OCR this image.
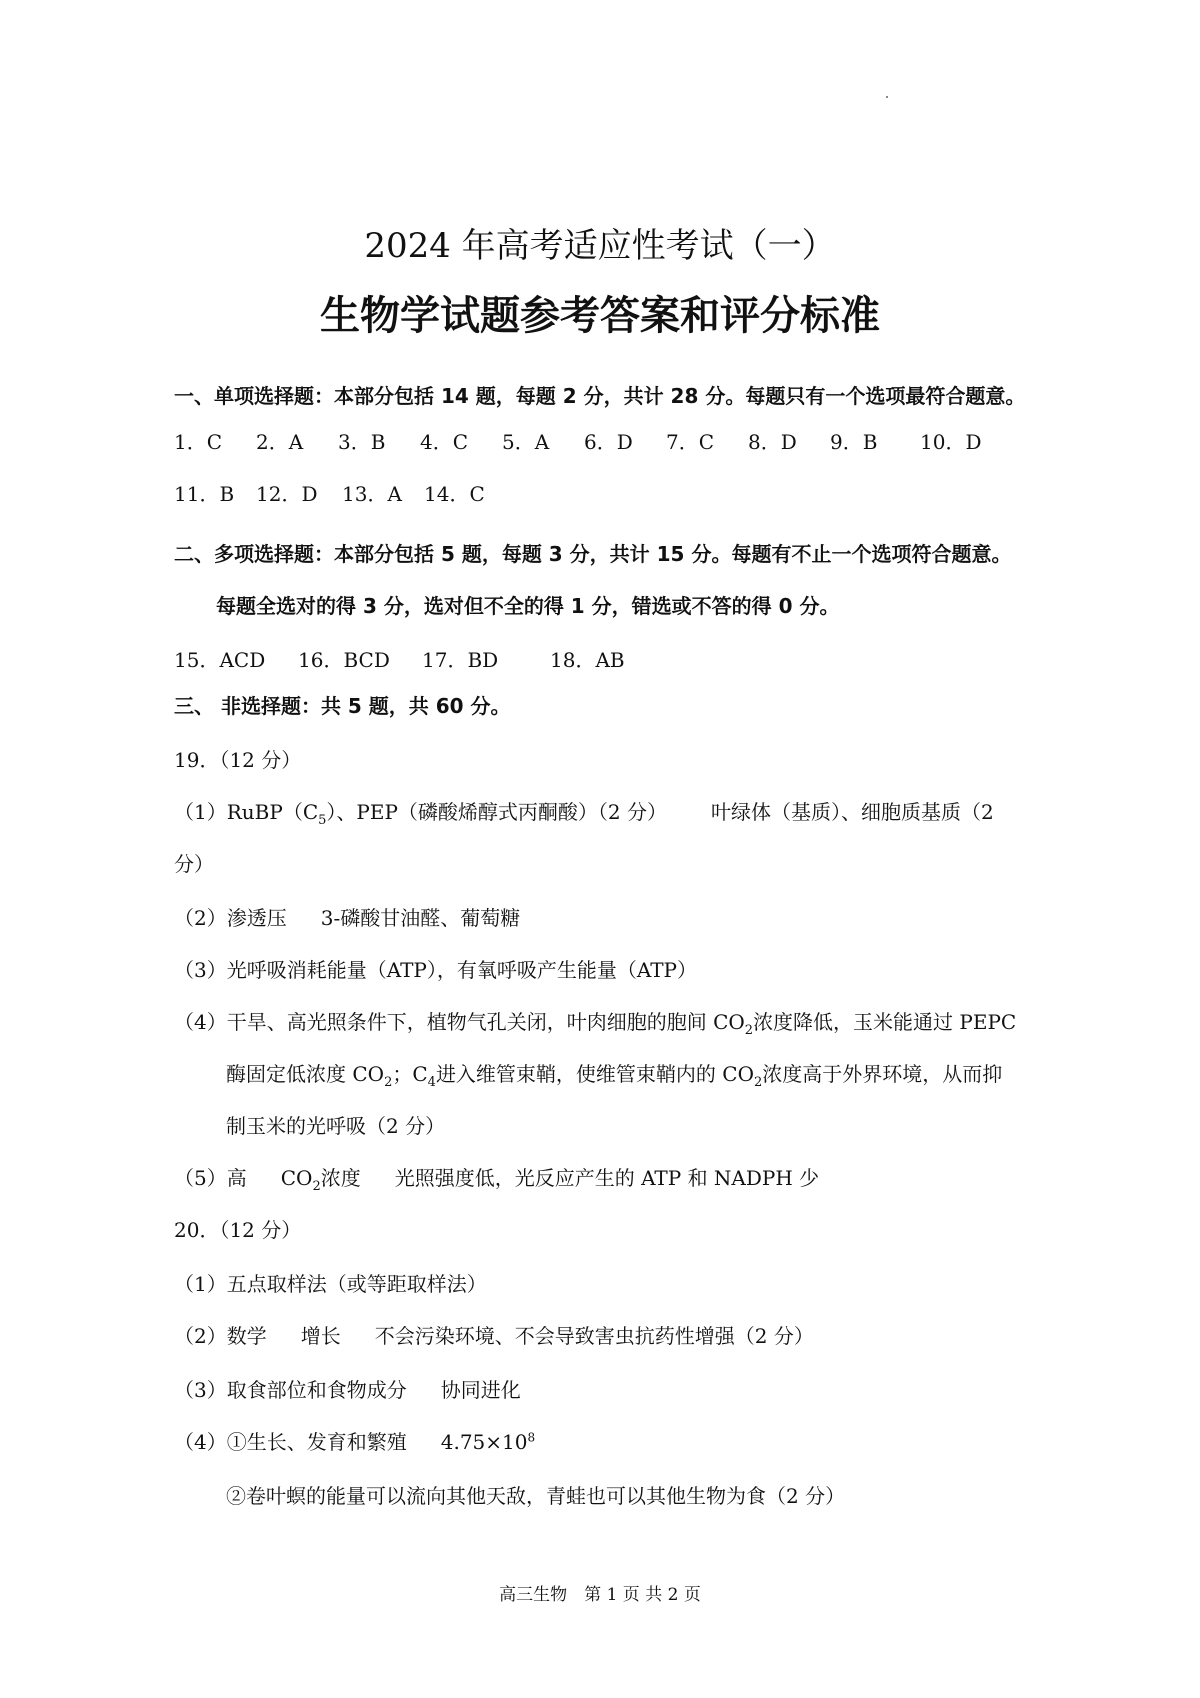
2024 年高考适应性考试（一）
生物学试题参考答案和评分标准
一、单项选择题：本部分包括 14 题，每题 2 分，共计 28 分。每题只有一个选项最符合题意。
1．C 2．A 3．B 4．C 5．A 6．D 7．C 8．D 9．B 10．D
11．B 12．D 13．A 14．C
二、多项选择题：本部分包括 5 题，每题 3 分，共计 15 分。每题有不止一个选项符合题意。
每题全选对的得 3 分，选对但不全的得 1 分，错选或不答的得 0 分。
15．ACD 16．BCD 17．BD	18．AB
三、 非选择题：共 5 题，共 60 分。
19．（12 分）
$(1)RuBP(C_5)$、PEP（磷酸烯醇式丙酮酸）（2 分） 叶绿体（基质）、细胞质基质（2
分）
（2）渗透压 3-磷酸甘油醛、葡萄糖
（3）光呼吸消耗能量（ATP），有氧呼吸产生能量（ATP）
（4）干旱、高光照条件下，植物气孔关闭，叶肉细胞的胞间 $CO_2$浓度降低，玉米能通过 PEPC
酶固定低浓度 $CO_2$；$C_4$进入维管束鞘，使维管束鞘内的 $CO_2$浓度高于外界环境，从而抑
制玉米的光呼吸（2 分）
（5）高 $CO_2$浓度 光照强度低，光反应产生的 ATP 和 NADPH 少
20．（12 分）
（1）五点取样法（或等距取样法）
（2）数学 增长 不会污染环境、不会导致害虫抗药性增强（2 分）
（3）取食部位和食物成分 协同进化
（4）①生长、发育和繁殖 $4.75\times 10^8$
②卷叶螟的能量可以流向其他天敌，青蛙也可以其他生物为食（2 分）
高三生物　第 1 页 共 2 页
